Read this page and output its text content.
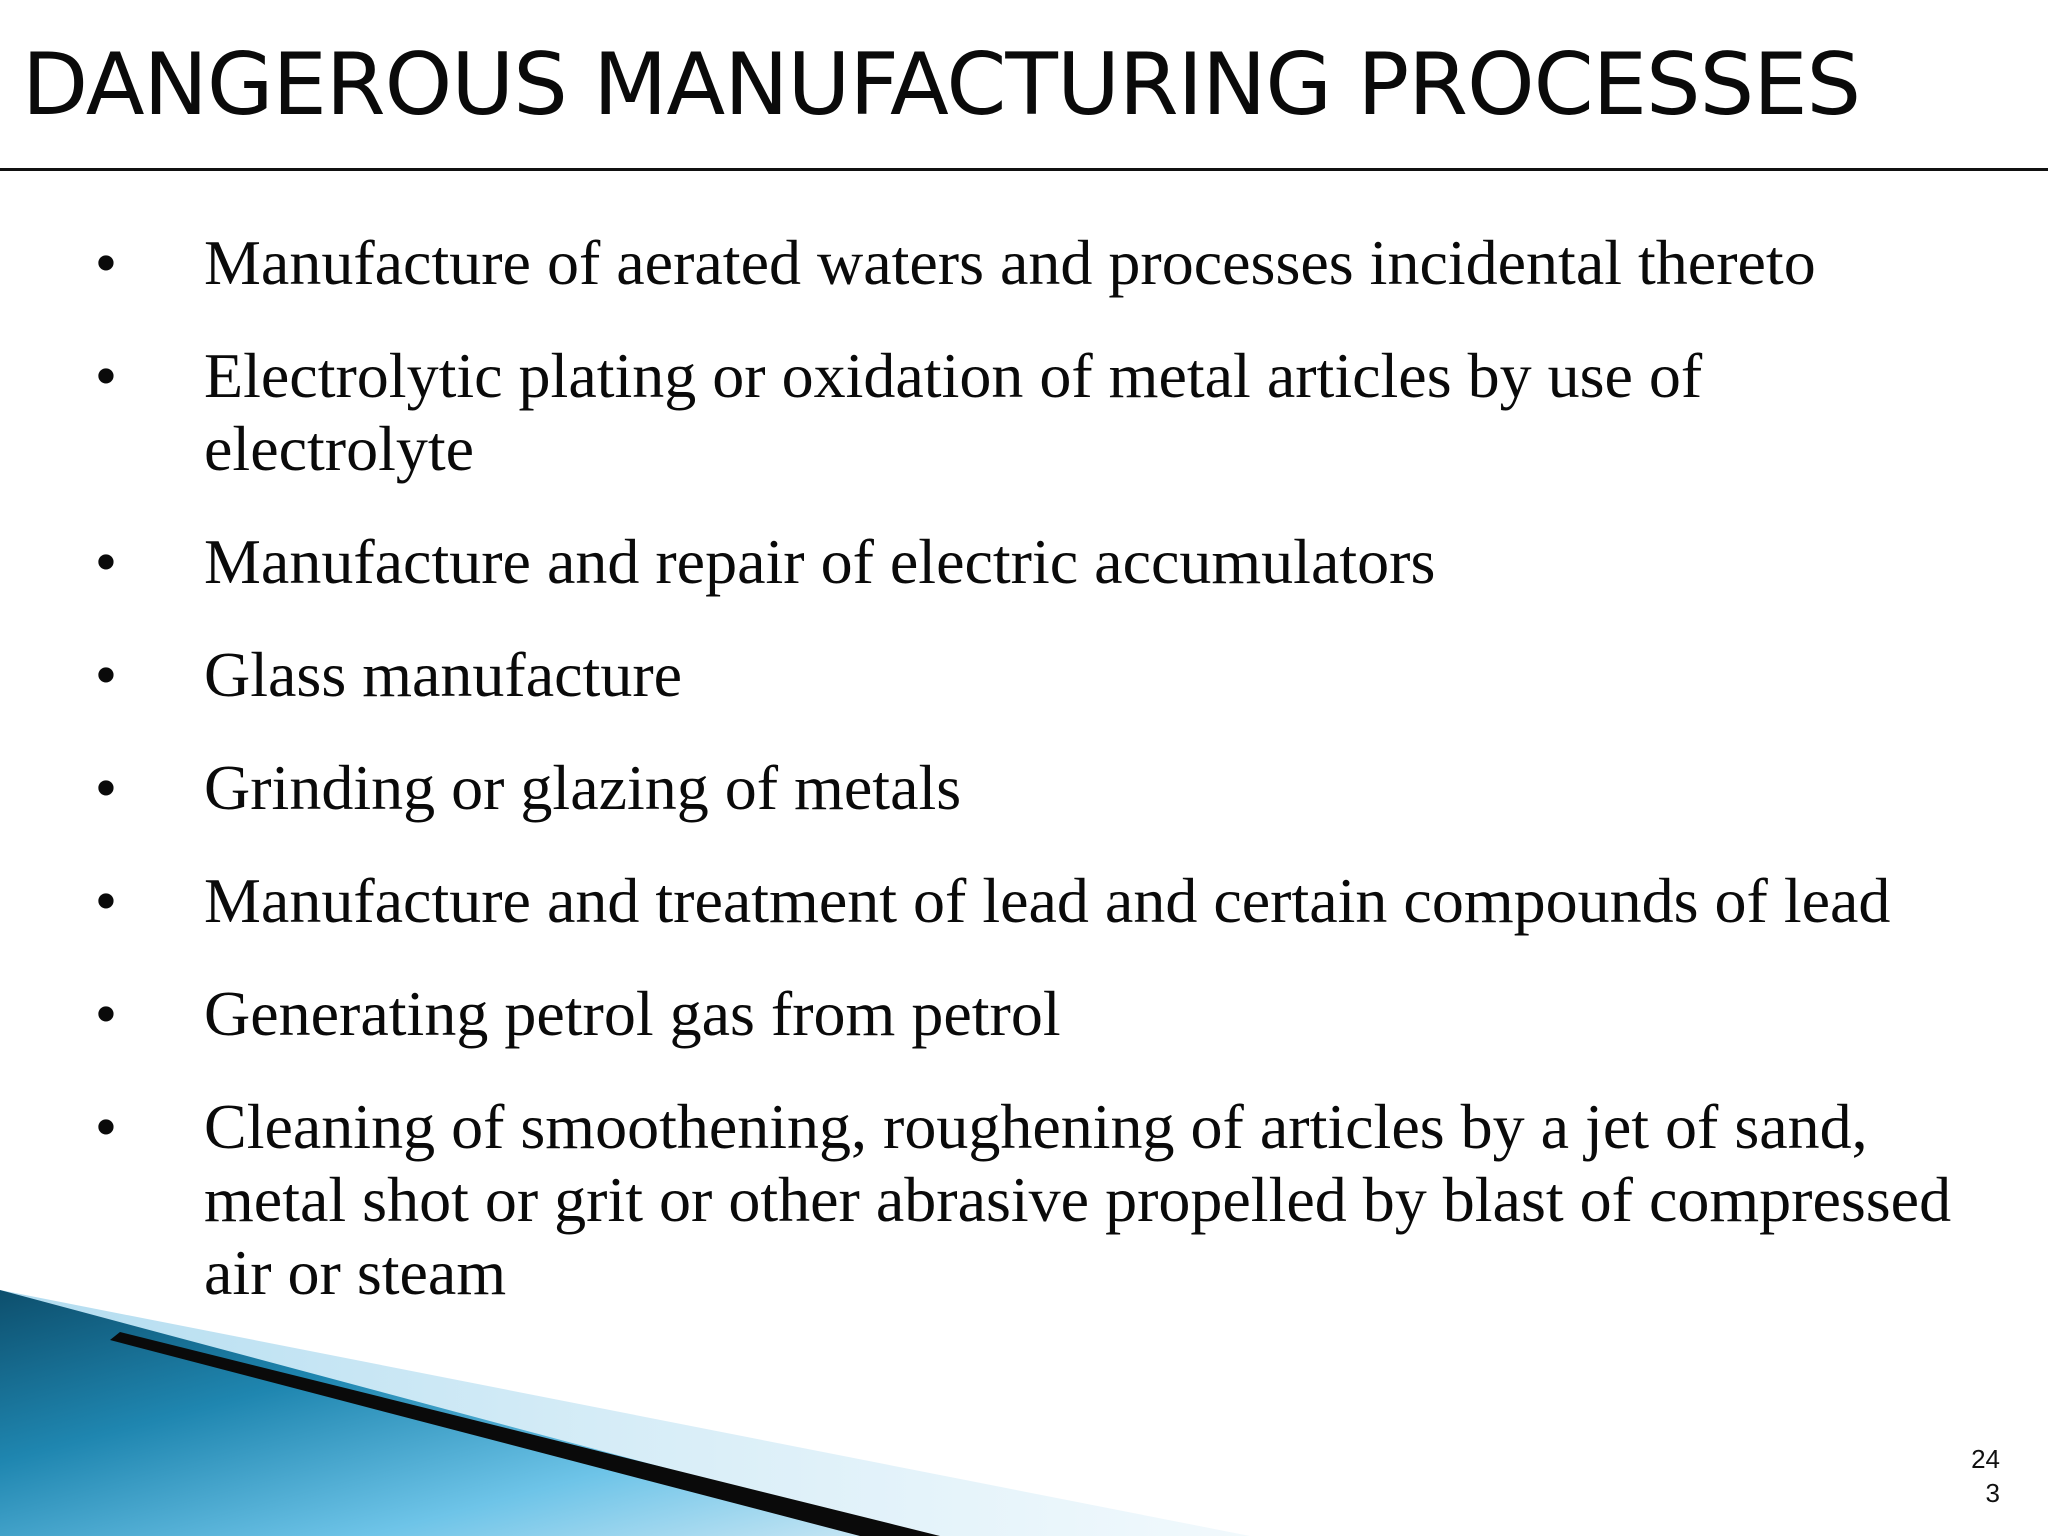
DANGEROUS MANUFACTURING PROCESSES
• Manufacture of aerated waters and processes incidental thereto
• Electrolytic plating or oxidation of metal articles by use of electrolyte
• Manufacture and repair of electric accumulators
• Glass manufacture
• Grinding or glazing of metals
• Manufacture and treatment of lead and certain compounds of lead
• Generating petrol gas from petrol
• Cleaning of smoothening, roughening of articles by a jet of sand, metal shot or grit or other abrasive propelled by blast of compressed air or steam
24
3
